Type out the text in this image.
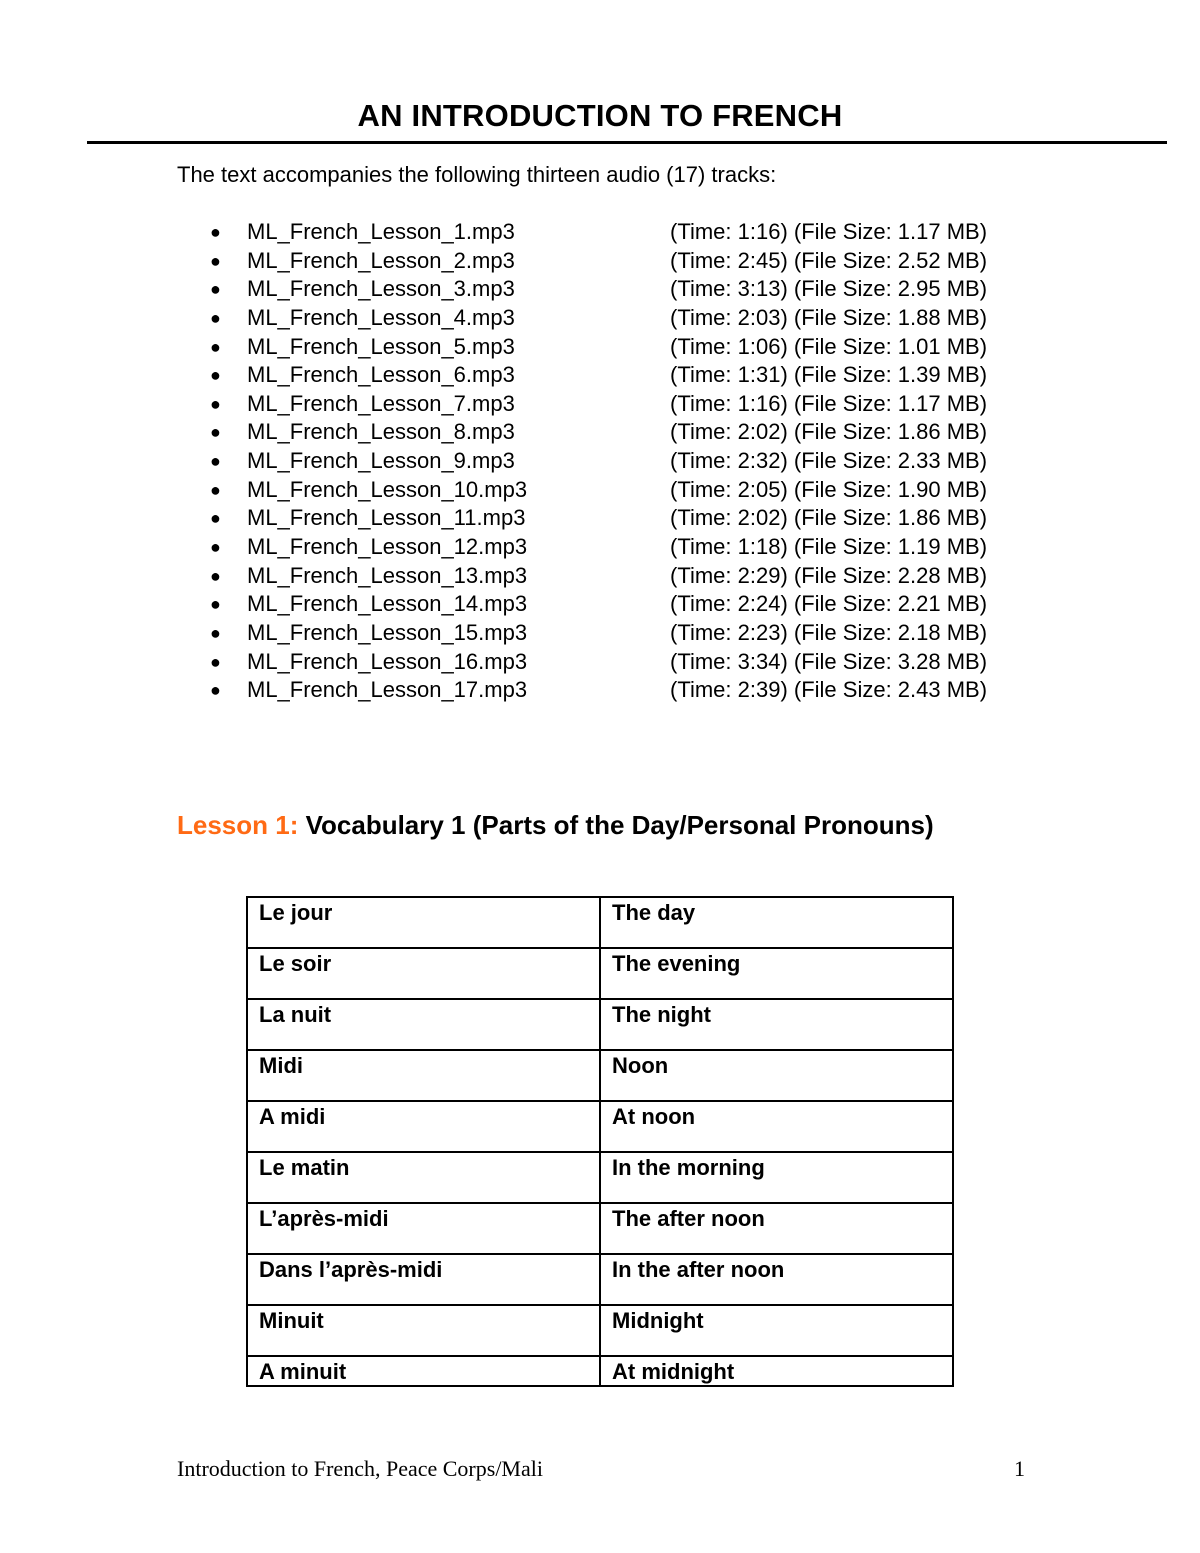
AN INTRODUCTION TO FRENCH
The text accompanies the following thirteen audio (17) tracks:
● ML_French_Lesson_1.mp3	(Time: 1:16) (File Size: 1.17 MB)
● ML_French_Lesson_2.mp3	(Time: 2:45) (File Size: 2.52 MB)
● ML_French_Lesson_3.mp3	(Time: 3:13) (File Size: 2.95 MB)
● ML_French_Lesson_4.mp3	(Time: 2:03) (File Size: 1.88 MB)
● ML_French_Lesson_5.mp3	(Time: 1:06) (File Size: 1.01 MB)
● ML_French_Lesson_6.mp3	(Time: 1:31) (File Size: 1.39 MB)
● ML_French_Lesson_7.mp3	(Time: 1:16) (File Size: 1.17 MB)
● ML_French_Lesson_8.mp3	(Time: 2:02) (File Size: 1.86 MB)
● ML_French_Lesson_9.mp3	(Time: 2:32) (File Size: 2.33 MB)
● ML_French_Lesson_10.mp3	(Time: 2:05) (File Size: 1.90 MB)
● ML_French_Lesson_11.mp3	(Time: 2:02) (File Size: 1.86 MB)
● ML_French_Lesson_12.mp3	(Time: 1:18) (File Size: 1.19 MB)
● ML_French_Lesson_13.mp3	(Time: 2:29) (File Size: 2.28 MB)
● ML_French_Lesson_14.mp3	(Time: 2:24) (File Size: 2.21 MB)
● ML_French_Lesson_15.mp3	(Time: 2:23) (File Size: 2.18 MB)
● ML_French_Lesson_16.mp3	(Time: 3:34) (File Size: 3.28 MB)
● ML_French_Lesson_17.mp3	(Time: 2:39) (File Size: 2.43 MB)
Lesson 1: Vocabulary 1 (Parts of the Day/Personal Pronouns)
Le jour	The day
Le soir	The evening
La nuit	The night
Midi	Noon
A midi	At noon
Le matin	In the morning
L’après-midi	The after noon
Dans l’après-midi	In the after noon
Minuit	Midnight
A minuit	At midnight
Introduction to French, Peace Corps/Mali	1
